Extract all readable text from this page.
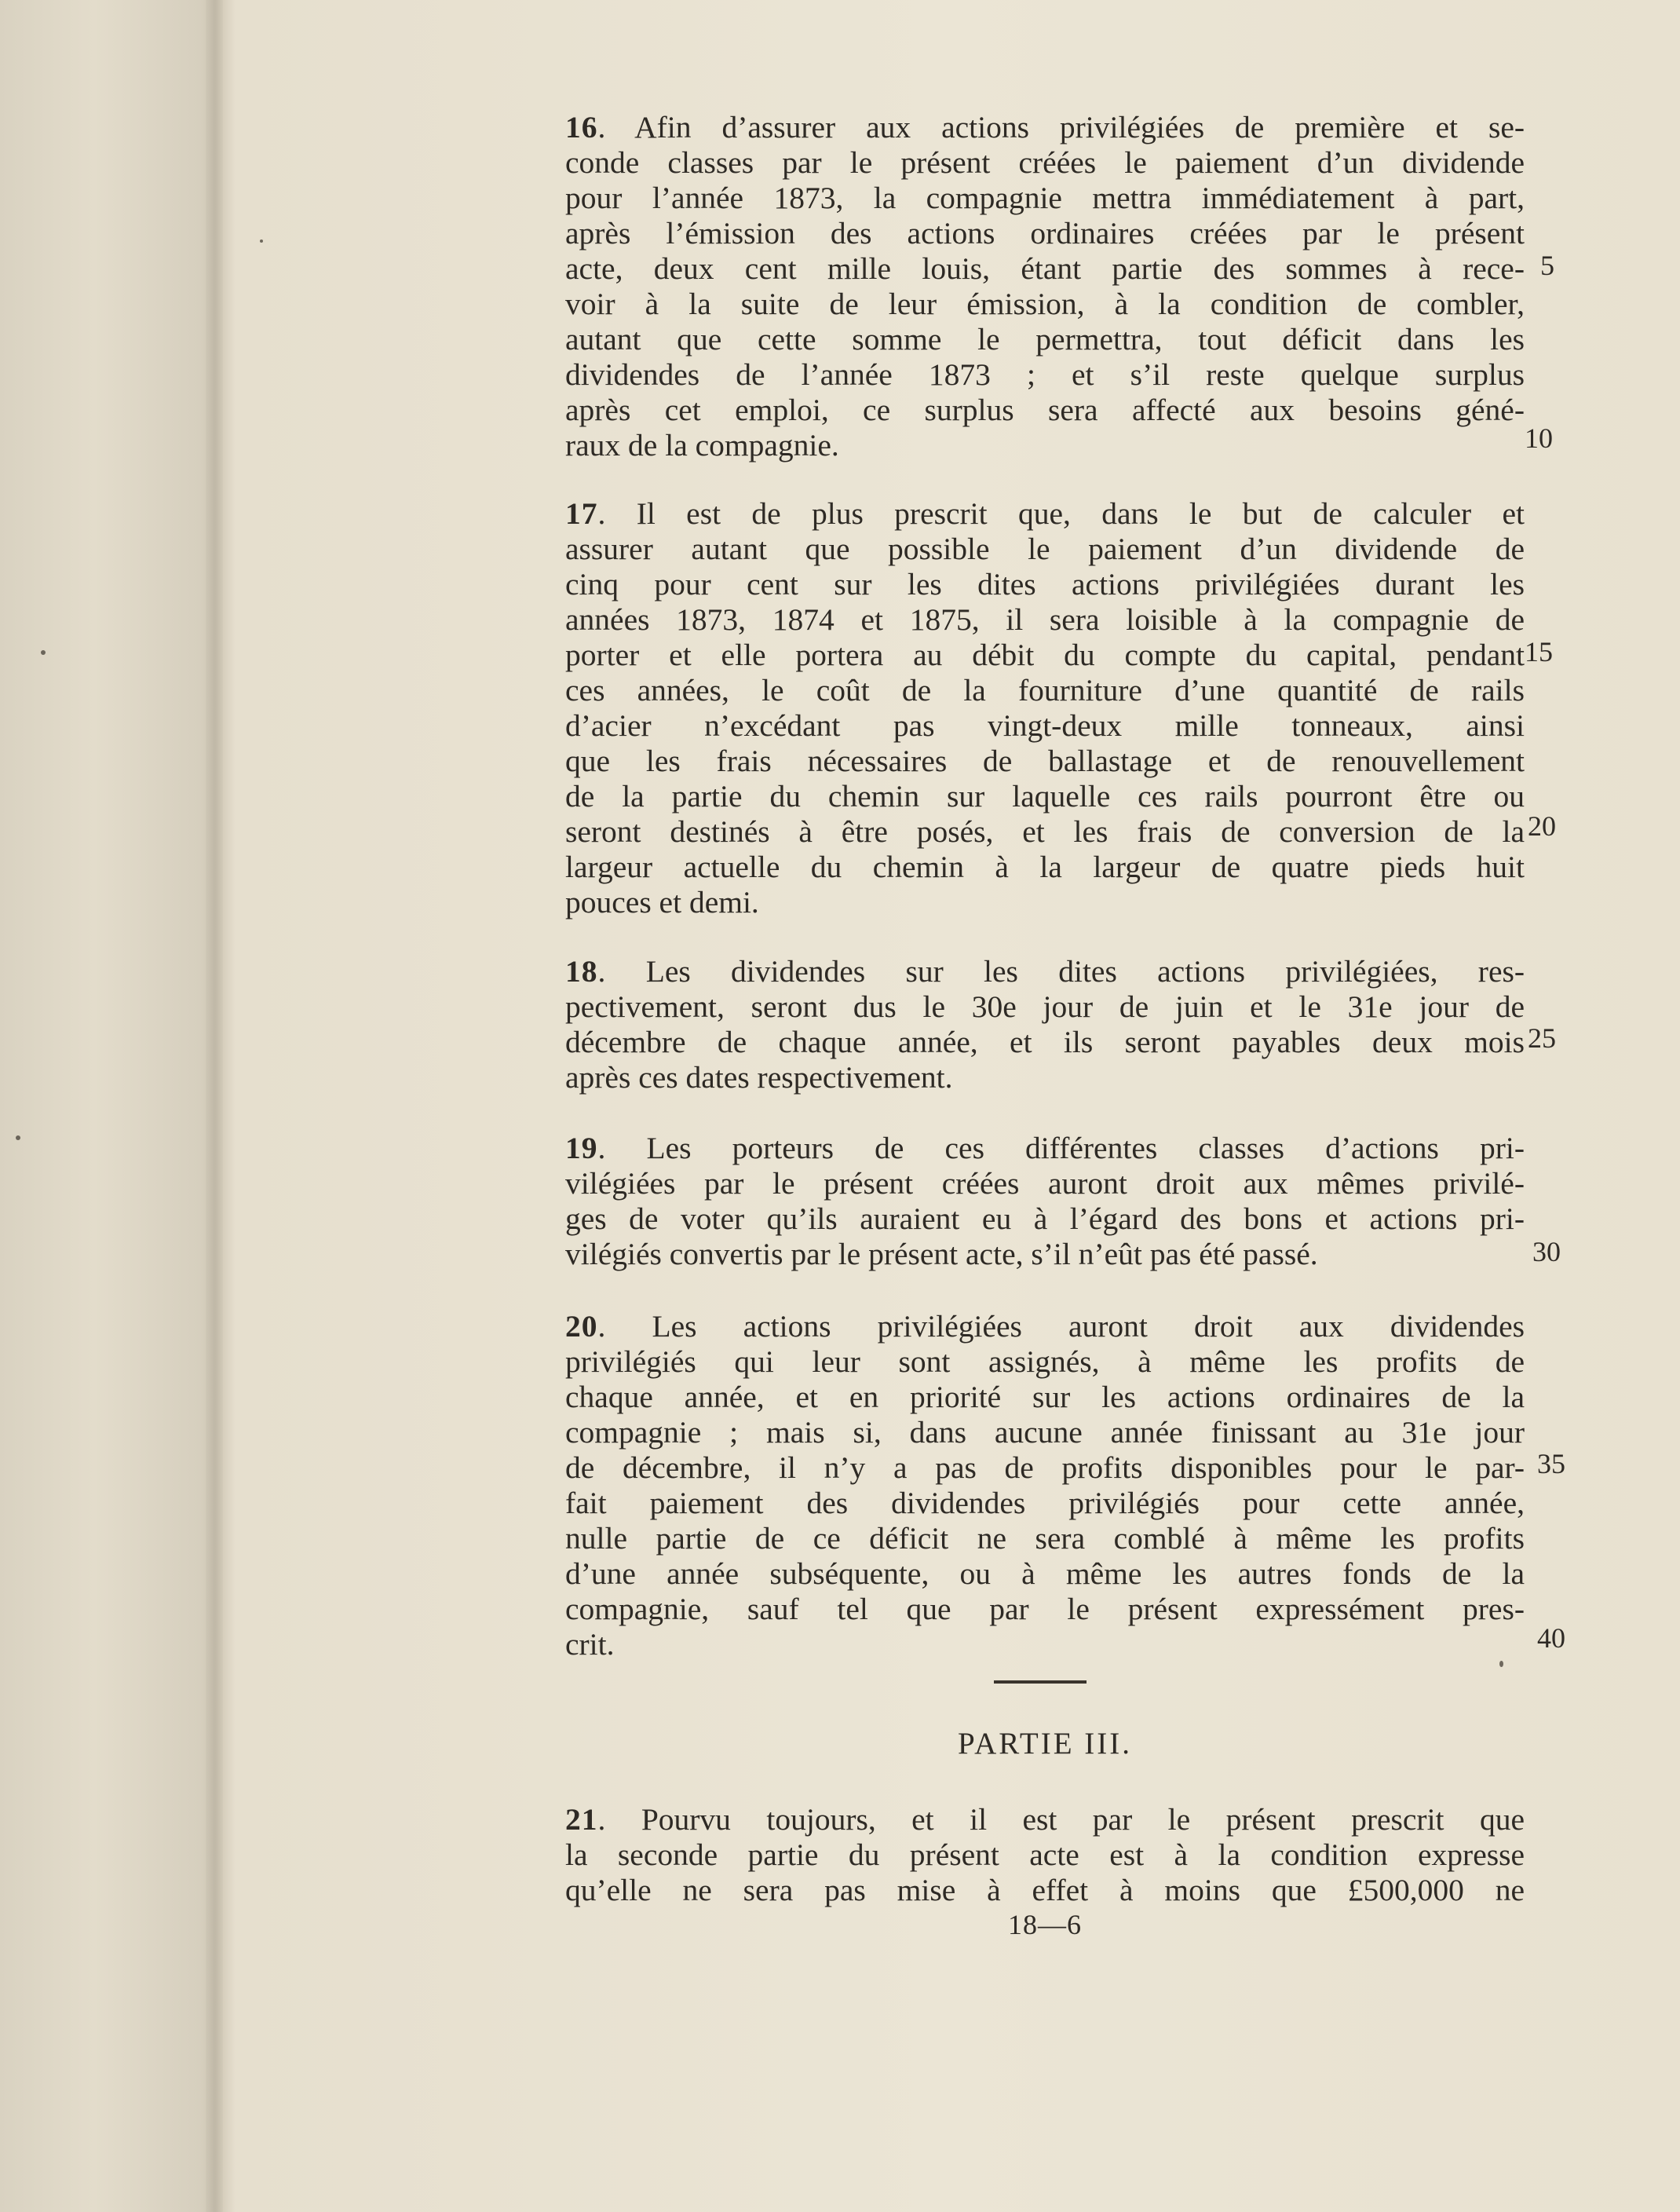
16. Afin d’assurer aux actions privilégiées de première et se-
conde classes par le présent créées le paiement d’un dividende
pour l’année 1873, la compagnie mettra immédiatement à part,
après l’émission des actions ordinaires créées par le présent
acte, deux cent mille louis, étant partie des sommes à rece-
voir à la suite de leur émission, à la condition de combler,
autant que cette somme le permettra, tout déficit dans les
dividendes de l’année 1873 ; et s’il reste quelque surplus
après cet emploi, ce surplus sera affecté aux besoins géné-
raux de la compagnie.
17. Il est de plus prescrit que, dans le but de calculer et
assurer autant que possible le paiement d’un dividende de
cinq pour cent sur les dites actions privilégiées durant les
années 1873, 1874 et 1875, il sera loisible à la compagnie de
porter et elle portera au débit du compte du capital, pendant
ces années, le coût de la fourniture d’une quantité de rails
d’acier n’excédant pas vingt-deux mille tonneaux, ainsi
que les frais nécessaires de ballastage et de renouvellement
de la partie du chemin sur laquelle ces rails pourront être ou
seront destinés à être posés, et les frais de conversion de la
largeur actuelle du chemin à la largeur de quatre pieds huit
pouces et demi.
18. Les dividendes sur les dites actions privilégiées, res-
pectivement, seront dus le 30e jour de juin et le 31e jour de
décembre de chaque année, et ils seront payables deux mois
après ces dates respectivement.
19. Les porteurs de ces différentes classes d’actions pri-
vilégiées par le présent créées auront droit aux mêmes privilé-
ges de voter qu’ils auraient eu à l’égard des bons et actions pri-
vilégiés convertis par le présent acte, s’il n’eût pas été passé.
20. Les actions privilégiées auront droit aux dividendes
privilégiés qui leur sont assignés, à même les profits de
chaque année, et en priorité sur les actions ordinaires de la
compagnie ; mais si, dans aucune année finissant au 31e jour
de décembre, il n’y a pas de profits disponibles pour le par-
fait paiement des dividendes privilégiés pour cette année,
nulle partie de ce déficit ne sera comblé à même les profits
d’une année subséquente, ou à même les autres fonds de la
compagnie, sauf tel que par le présent expressément pres-
crit.
PARTIE III.
21. Pourvu toujours, et il est par le présent prescrit que
la seconde partie du présent acte est à la condition expresse
qu’elle ne sera pas mise à effet à moins que £500,000 ne
18—6
5
10
15
20
25
30
35
40
